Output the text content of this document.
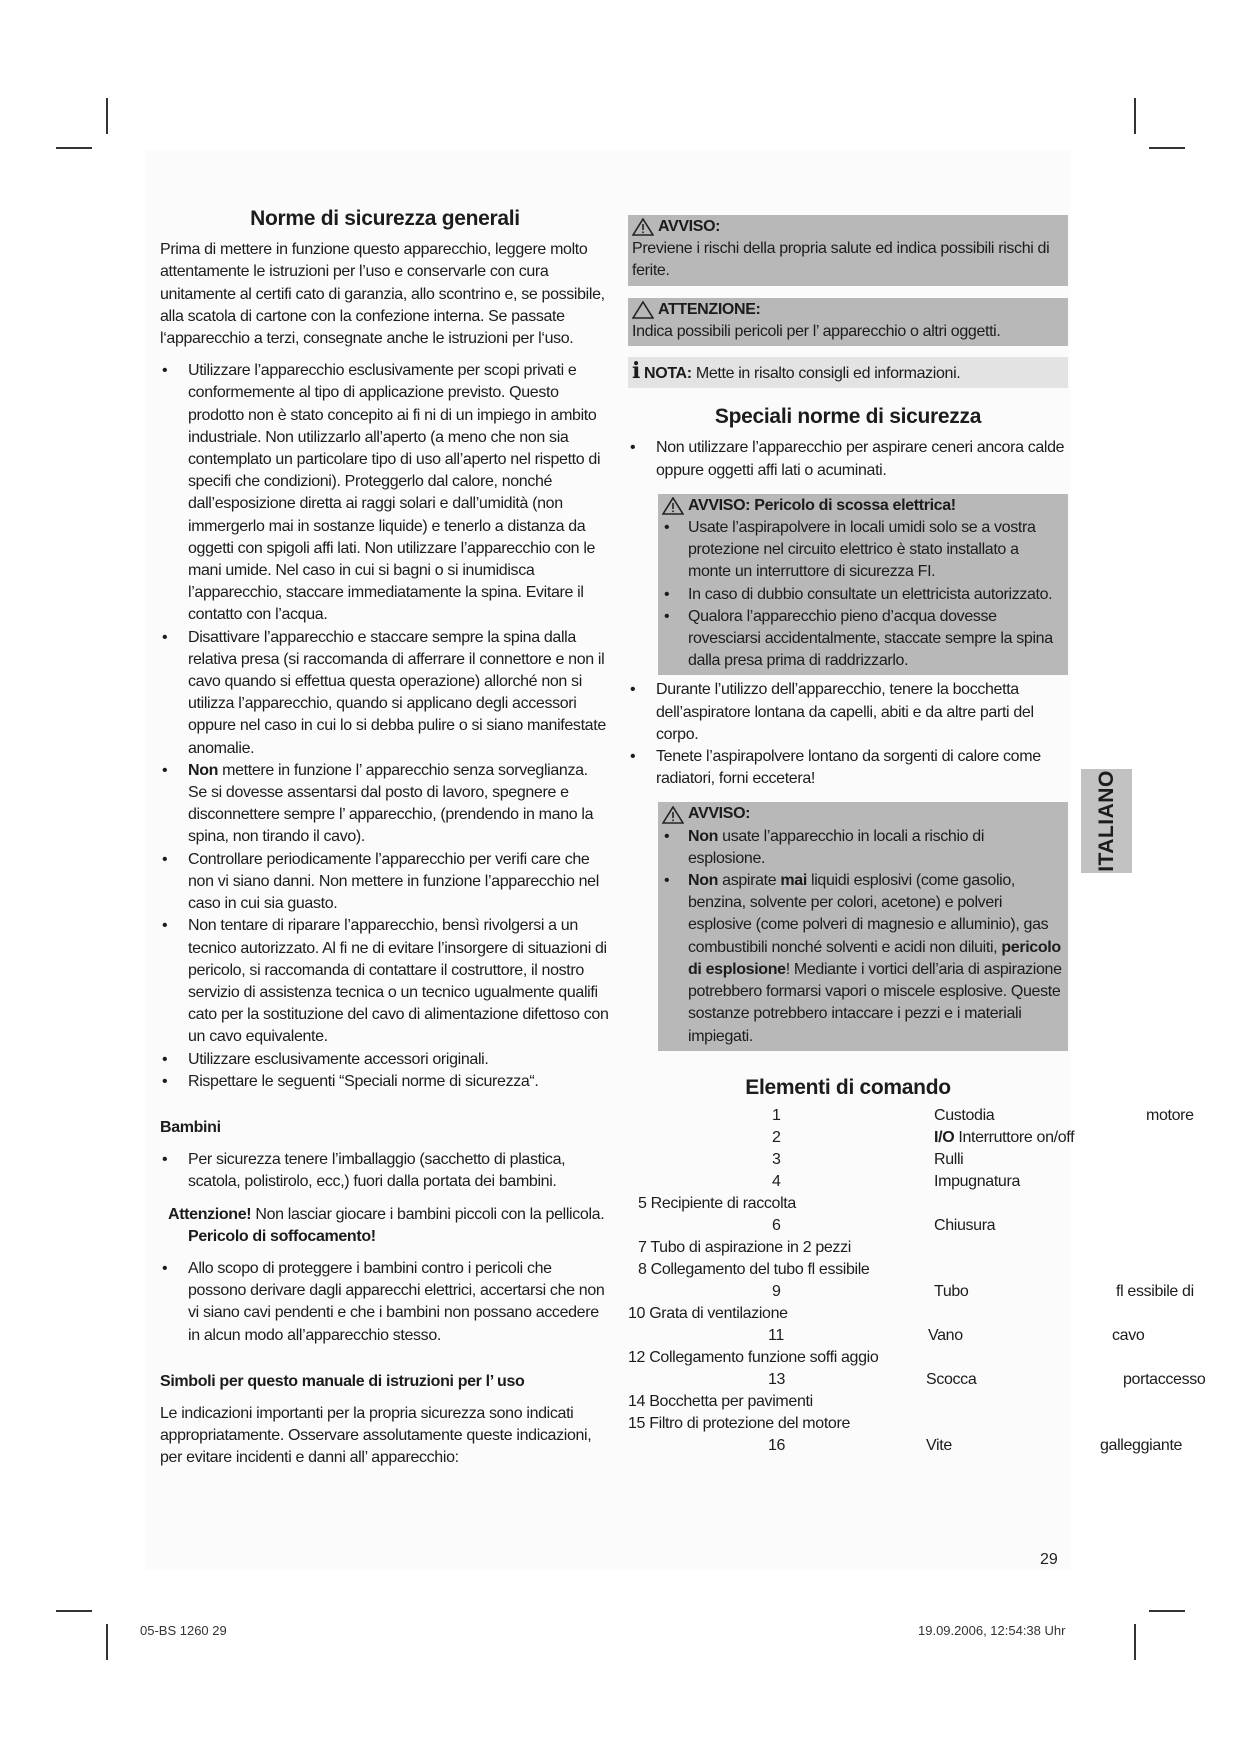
Norme di sicurezza generali

Prima di mettere in funzione questo apparecchio, leggere molto attentamente le istruzioni per l’uso e conservarle con cura unitamente al certifi cato di garanzia, allo scontrino e, se possibile, alla scatola di cartone con la confezione interna. Se passate l‘apparecchio a terzi, consegnate anche le istruzioni per l‘uso.

• Utilizzare l’apparecchio esclusivamente per scopi privati e conformemente al tipo di applicazione previsto. Questo prodotto non è stato concepito ai fi ni di un impiego in ambito industriale. Non utilizzarlo all’aperto (a meno che non sia contemplato un particolare tipo di uso all’aperto nel rispetto di specifi che condizioni). Proteggerlo dal calore, nonché dall’esposizione diretta ai raggi solari e dall’umidità (non immergerlo mai in sostanze liquide) e tenerlo a distanza da oggetti con spigoli affi lati. Non utilizzare l’apparecchio con le mani umide. Nel caso in cui si bagni o si inumidisca l’apparecchio, staccare immediatamente la spina. Evitare il contatto con l’acqua.
• Disattivare l’apparecchio e staccare sempre la spina dalla relativa presa (si raccomanda di afferrare il connettore e non il cavo quando si effettua questa operazione) allorché non si utilizza l’apparecchio, quando si applicano degli accessori oppure nel caso in cui lo si debba pulire o si siano manifestate anomalie.
• Non mettere in funzione l’ apparecchio senza sorveglianza. Se si dovesse assentarsi dal posto di lavoro, spegnere e disconnettere sempre l’ apparecchio, (prendendo in mano la spina, non tirando il cavo).
• Controllare periodicamente l’apparecchio per verifi care che non vi siano danni. Non mettere in funzione l’apparecchio nel caso in cui sia guasto.
• Non tentare di riparare l’apparecchio, bensì rivolgersi a un tecnico autorizzato. Al fi ne di evitare l’insorgere di situazioni di pericolo, si raccomanda di contattare il costruttore, il nostro servizio di assistenza tecnica o un tecnico ugualmente qualifi cato per la sostituzione del cavo di alimentazione difettoso con un cavo equivalente.
• Utilizzare esclusivamente accessori originali.
• Rispettare le seguenti “Speciali norme di sicurezza“.
Bambini
• Per sicurezza tenere l’imballaggio (sacchetto di plastica, scatola, polistirolo, ecc,) fuori dalla portata dei bambini.

Attenzione! Non lasciar giocare i bambini piccoli con la pellicola.
Pericolo di soffocamento!

• Allo scopo di proteggere i bambini contro i pericoli che possono derivare dagli apparecchi elettrici, accertarsi che non vi siano cavi pendenti e che i bambini non possano accedere in alcun modo all’apparecchio stesso.
Simboli per questo manuale di istruzioni per l’ uso

Le indicazioni importanti per la propria sicurezza sono indicati appropriatamente. Osservare assolutamente queste indicazioni, per evitare incidenti e danni all’ apparecchio:

AVVISO:
Previene i rischi della propria salute ed indica possibili rischi di ferite.
ATTENZIONE:
Indica possibili pericoli per l’ apparecchio o altri oggetti.
i NOTA: Mette in risalto consigli ed informazioni.
Speciali norme di sicurezza
• Non utilizzare l’apparecchio per aspirare ceneri ancora calde oppure oggetti affi lati o acuminati.
AVVISO: Pericolo di scossa elettrica!
• Usate l’aspirapolvere in locali umidi solo se a vostra protezione nel circuito elettrico è stato installato a monte un interruttore di sicurezza FI.
• In caso di dubbio consultate un elettricista autorizzato.
• Qualora l’apparecchio pieno d’acqua dovesse rovesciarsi accidentalmente, staccate sempre la spina dalla presa prima di raddrizzarlo.
• Durante l’utilizzo dell’apparecchio, tenere la bocchetta dell’aspiratore lontana da capelli, abiti e da altre parti del corpo.
• Tenete l’aspirapolvere lontano da sorgenti di calore come radiatori, forni eccetera!
AVVISO:
• Non usate l’apparecchio in locali a rischio di esplosione.
• Non aspirate mai liquidi esplosivi (come gasolio, benzina, solvente per colori, acetone) e polveri esplosive (come polveri di magnesio e alluminio), gas combustibili nonché solventi e acidi non diluiti, pericolo di esplosione! Mediante i vortici dell’aria di aspirazione potrebbero formarsi vapori o miscele esplosive. Queste sostanze potrebbero intaccare i pezzi e i materiali impiegati.
Elementi di comando
1	Custodia	motore
2	I/O Interruttore on/off
3	Rulli
4	Impugnatura
5 Recipiente di raccolta
6	Chiusura
7 Tubo di aspirazione in 2 pezzi
8 Collegamento del tubo fl essibile
9	Tubo	fl essibile di
10 Grata di ventilazione
11	Vano	cavo
12 Collegamento funzione soffi aggio
13	Scocca	portaccesso
14 Bocchetta per pavimenti
15 Filtro di protezione del motore
16	Vite	galleggiante
ITALIANO
29
05-BS 1260 29	19.09.2006, 12:54:38 Uhr
